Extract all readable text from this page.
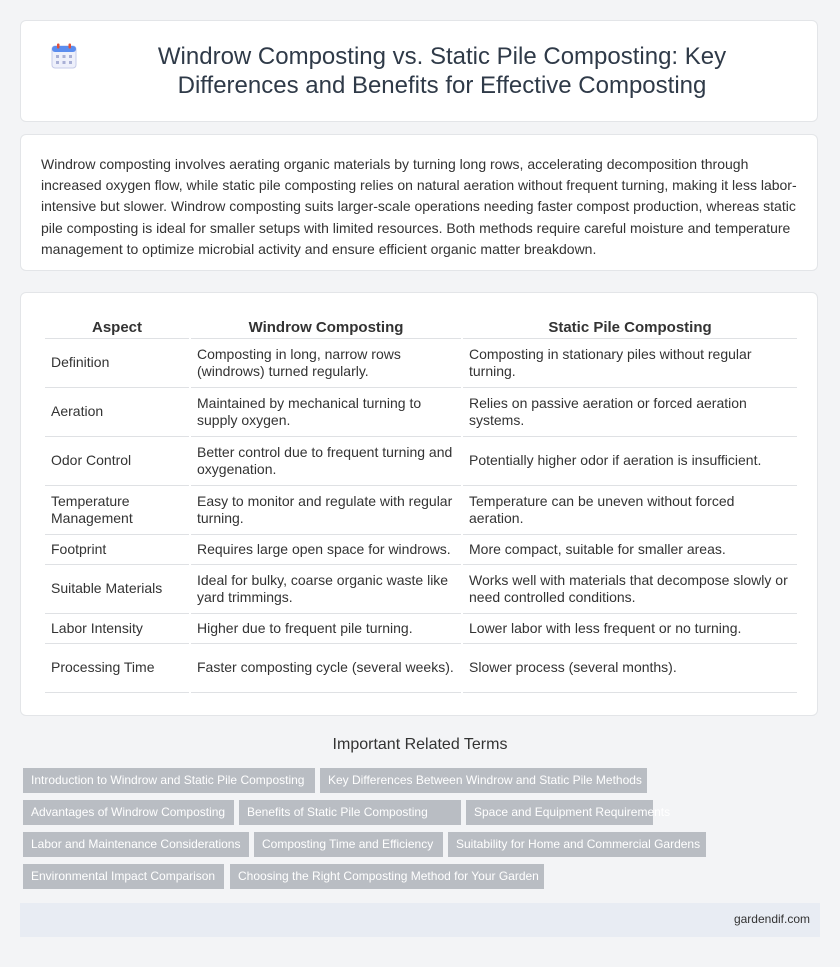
Windrow Composting vs. Static Pile Composting: Key Differences and Benefits for Effective Composting

Windrow composting involves aerating organic materials by turning long rows, accelerating decomposition through increased oxygen flow, while static pile composting relies on natural aeration without frequent turning, making it less labor-intensive but slower. Windrow composting suits larger-scale operations needing faster compost production, whereas static pile composting is ideal for smaller setups with limited resources. Both methods require careful moisture and temperature management to optimize microbial activity and ensure efficient organic matter breakdown.

Aspect	Windrow Composting	Static Pile Composting
Definition	Composting in long, narrow rows (windrows) turned regularly.	Composting in stationary piles without regular turning.
Aeration	Maintained by mechanical turning to supply oxygen.	Relies on passive aeration or forced aeration systems.
Odor Control	Better control due to frequent turning and oxygenation.	Potentially higher odor if aeration is insufficient.
Temperature Management	Easy to monitor and regulate with regular turning.	Temperature can be uneven without forced aeration.
Footprint	Requires large open space for windrows.	More compact, suitable for smaller areas.
Suitable Materials	Ideal for bulky, coarse organic waste like yard trimmings.	Works well with materials that decompose slowly or need controlled conditions.
Labor Intensity	Higher due to frequent pile turning.	Lower labor with less frequent or no turning.
Processing Time	Faster composting cycle (several weeks).	Slower process (several months).
Important Related Terms
Introduction to Windrow and Static Pile Composting	Key Differences Between Windrow and Static Pile Methods
Advantages of Windrow Composting	Benefits of Static Pile Composting	Space and Equipment Requirements
Labor and Maintenance Considerations	Composting Time and Efficiency	Suitability for Home and Commercial Gardens
Environmental Impact Comparison	Choosing the Right Composting Method for Your Garden
gardendif.com
